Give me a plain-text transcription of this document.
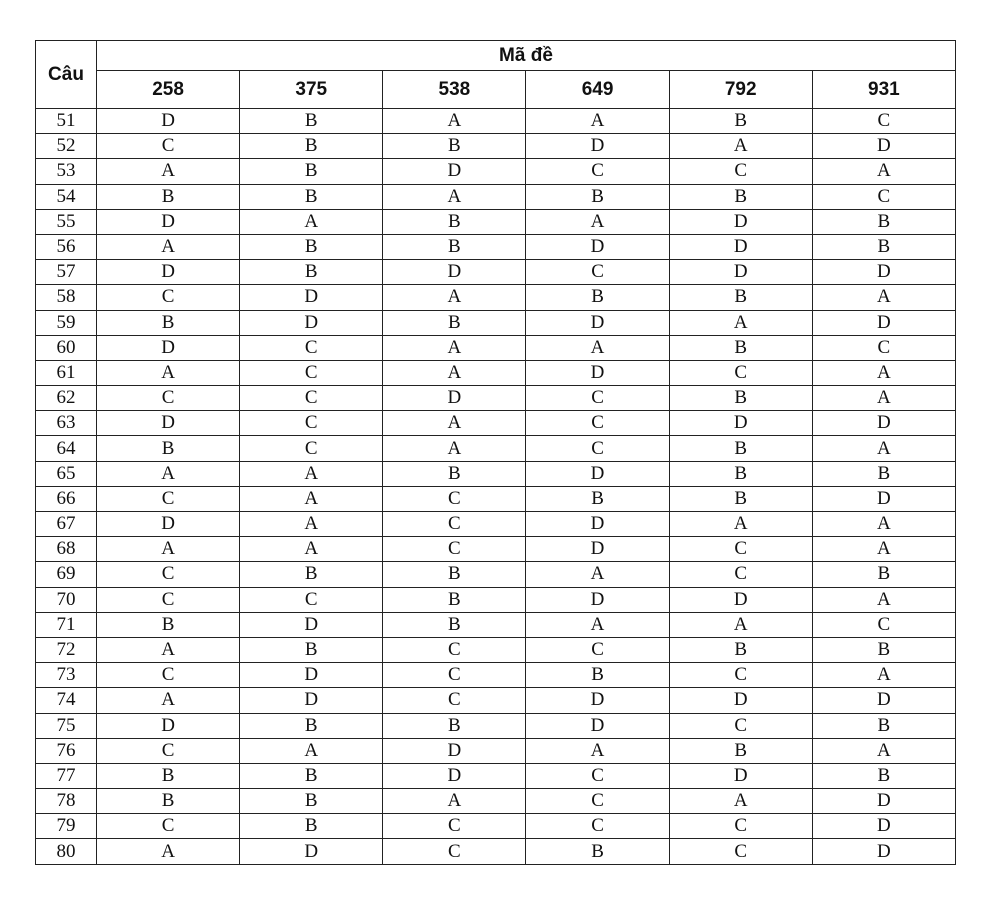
Câu	Mã đề					
	258	375	538	649	792	931
51	D	B	A	A	B	C
52	C	B	B	D	A	D
53	A	B	D	C	C	A
54	B	B	A	B	B	C
55	D	A	B	A	D	B
56	A	B	B	D	D	B
57	D	B	D	C	D	D
58	C	D	A	B	B	A
59	B	D	B	D	A	D
60	D	C	A	A	B	C
61	A	C	A	D	C	A
62	C	C	D	C	B	A
63	D	C	A	C	D	D
64	B	C	A	C	B	A
65	A	A	B	D	B	B
66	C	A	C	B	B	D
67	D	A	C	D	A	A
68	A	A	C	D	C	A
69	C	B	B	A	C	B
70	C	C	B	D	D	A
71	B	D	B	A	A	C
72	A	B	C	C	B	B
73	C	D	C	B	C	A
74	A	D	C	D	D	D
75	D	B	B	D	C	B
76	C	A	D	A	B	A
77	B	B	D	C	D	B
78	B	B	A	C	A	D
79	C	B	C	C	C	D
80	A	D	C	B	C	D
